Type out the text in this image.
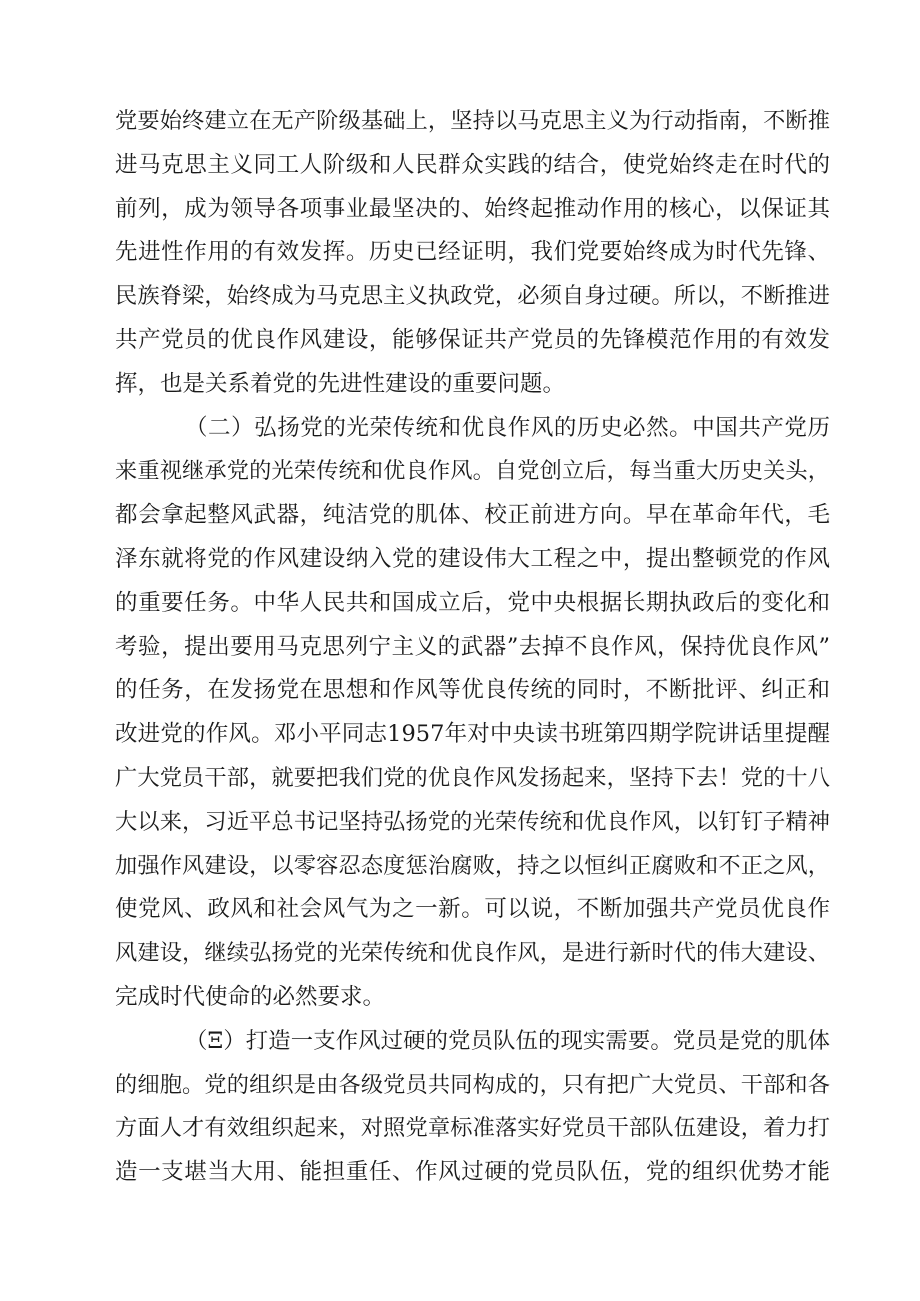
党要始终建立在无产阶级基础上，坚持以马克思主义为行动指南，不断推
进马克思主义同工人阶级和人民群众实践的结合，使党始终走在时代的
前列，成为领导各项事业最坚决的、始终起推动作用的核心，以保证其
先进性作用的有效发挥。历史已经证明，我们党要始终成为时代先锋、
民族脊梁，始终成为马克思主义执政党，必须自身过硬。所以，不断推进
共产党员的优良作风建设，能够保证共产党员的先锋模范作用的有效发
挥，也是关系着党的先进性建设的重要问题。
（二）弘扬党的光荣传统和优良作风的历史必然。中国共产党历
来重视继承党的光荣传统和优良作风。自党创立后，每当重大历史关头，
都会拿起整风武器，纯洁党的肌体、校正前进方向。早在革命年代，毛
泽东就将党的作风建设纳入党的建设伟大工程之中，提出整顿党的作风
的重要任务。中华人民共和国成立后，党中央根据长期执政后的变化和
考验，提出要用马克思列宁主义的武器”去掉不良作风，保持优良作风”
的任务，在发扬党在思想和作风等优良传统的同时，不断批评、纠正和
改进党的作风。邓小平同志1957年对中央读书班第四期学院讲话里提醒
广大党员干部，就要把我们党的优良作风发扬起来，坚持下去！党的十八
大以来，习近平总书记坚持弘扬党的光荣传统和优良作风，以钉钉子精神
加强作风建设，以零容忍态度惩治腐败，持之以恒纠正腐败和不正之风，
使党风、政风和社会风气为之一新。可以说，不断加强共产党员优良作
风建设，继续弘扬党的光荣传统和优良作风，是进行新时代的伟大建设、
完成时代使命的必然要求。
（Ξ）打造一支作风过硬的党员队伍的现实需要。党员是党的肌体
的细胞。党的组织是由各级党员共同构成的，只有把广大党员、干部和各
方面人才有效组织起来，对照党章标准落实好党员干部队伍建设，着力打
造一支堪当大用、能担重任、作风过硬的党员队伍，党的组织优势才能
